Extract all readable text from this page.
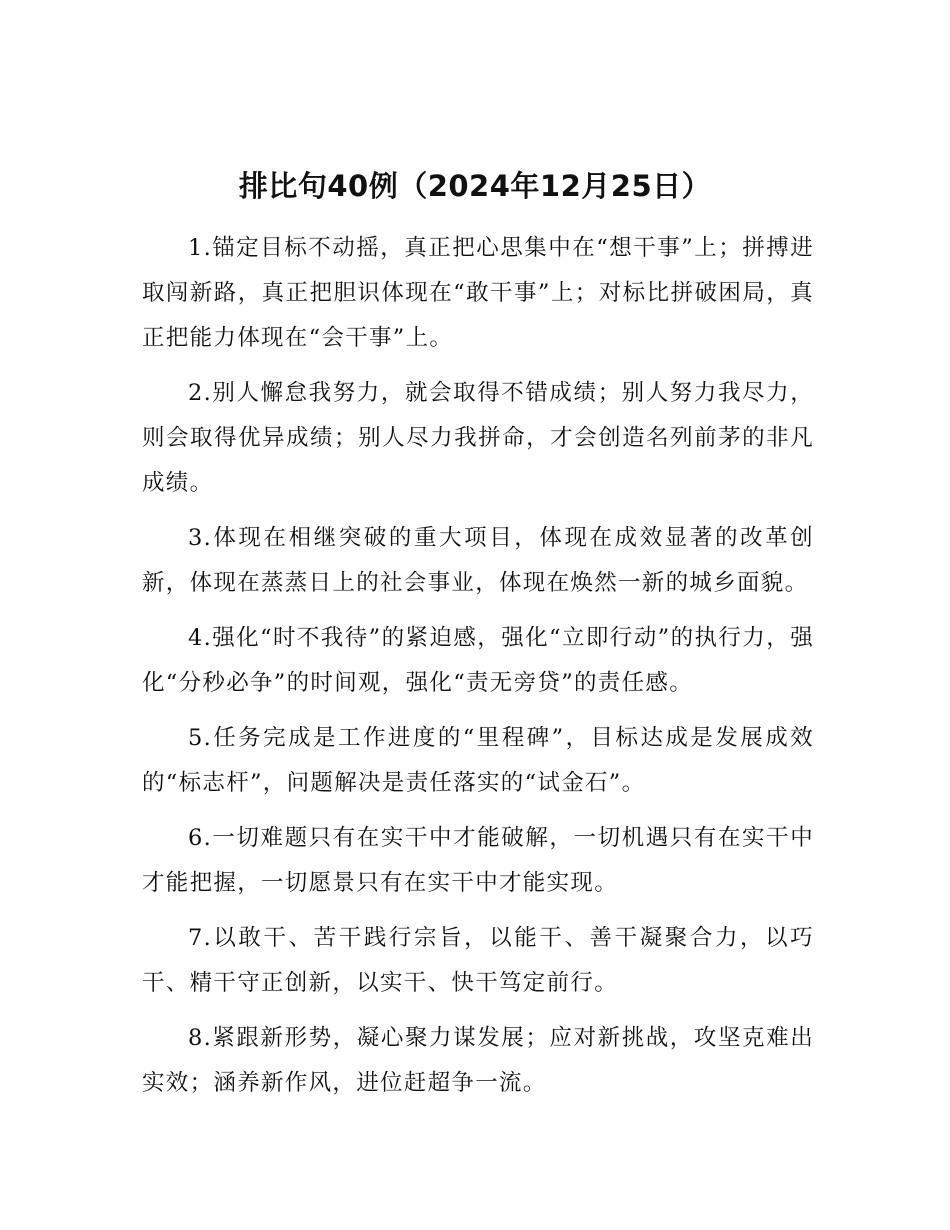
排比句40例（2024年12月25日）

1.锚定目标不动摇，真正把心思集中在“想干事”上；拼搏进取闯新路，真正把胆识体现在“敢干事”上；对标比拼破困局，真正把能力体现在“会干事”上。

2.别人懈怠我努力，就会取得不错成绩；别人努力我尽力，则会取得优异成绩；别人尽力我拼命，才会创造名列前茅的非凡成绩。

3.体现在相继突破的重大项目，体现在成效显著的改革创新，体现在蒸蒸日上的社会事业，体现在焕然一新的城乡面貌。

4.强化“时不我待”的紧迫感，强化“立即行动”的执行力，强化“分秒必争”的时间观，强化“责无旁贷”的责任感。

5.任务完成是工作进度的“里程碑”，目标达成是发展成效的“标志杆”，问题解决是责任落实的“试金石”。

6.一切难题只有在实干中才能破解，一切机遇只有在实干中才能把握，一切愿景只有在实干中才能实现。

7.以敢干、苦干践行宗旨，以能干、善干凝聚合力，以巧干、精干守正创新，以实干、快干笃定前行。

8.紧跟新形势，凝心聚力谋发展；应对新挑战，攻坚克难出实效；涵养新作风，进位赶超争一流。
